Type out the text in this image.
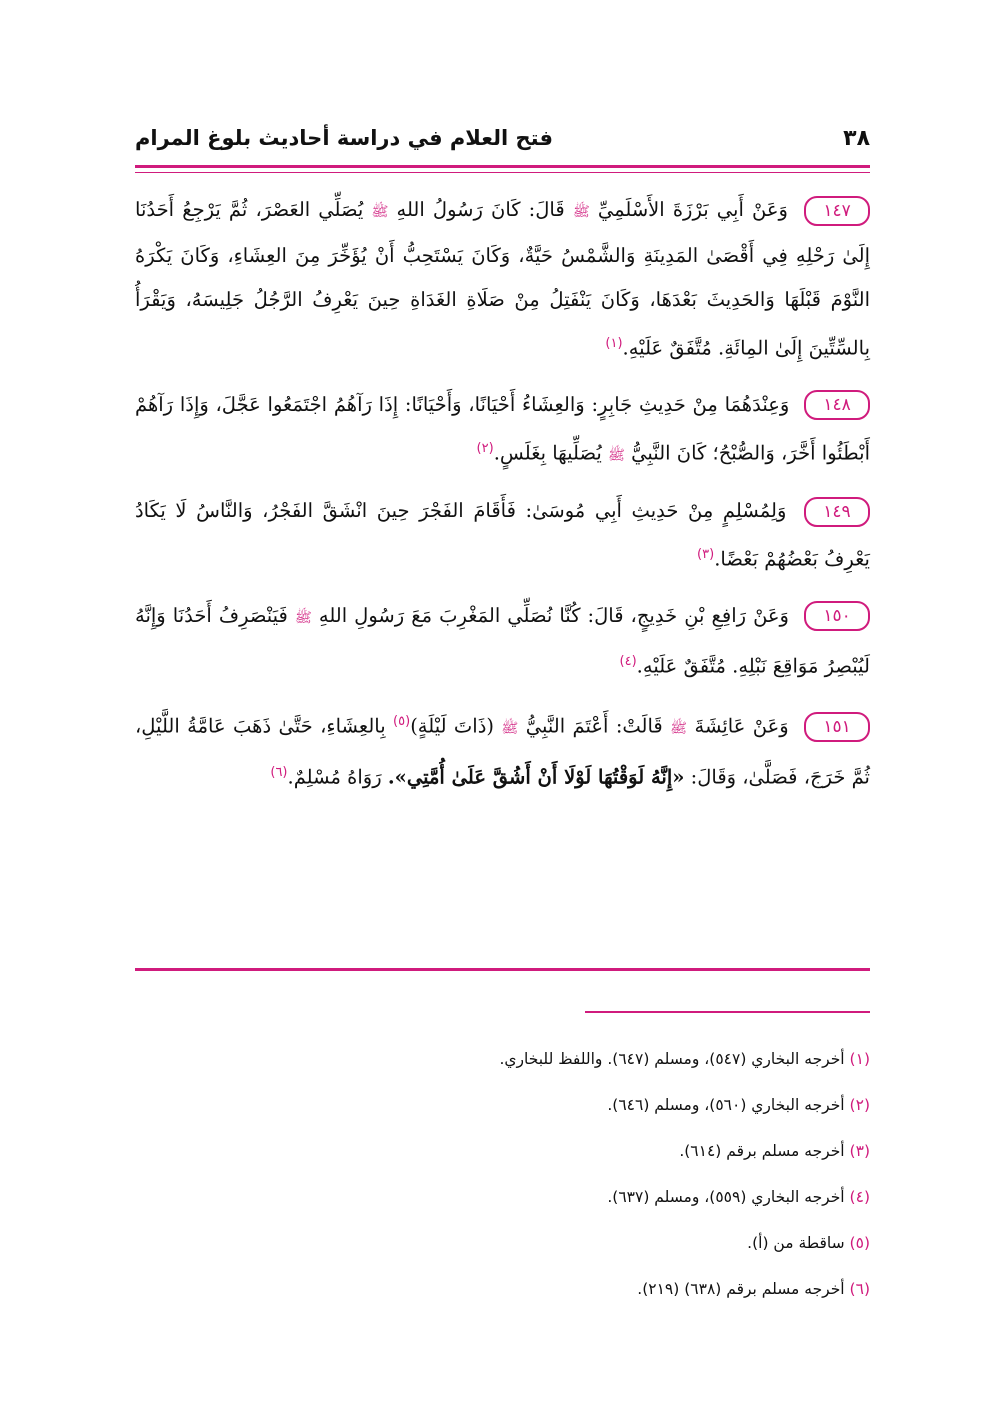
٣٨
فتح العلام في دراسة أحاديث بلوغ المرام

١٤٧ وَعَنْ أَبِي بَرْزَةَ الأَسْلَمِيِّ ﷺ قَالَ: كَانَ رَسُولُ اللهِ ﷺ يُصَلِّي العَصْرَ، ثُمَّ يَرْجِعُ أَحَدُنَا إِلَىٰ رَحْلِهِ فِي أَقْصَىٰ المَدِينَةِ وَالشَّمْسُ حَيَّةٌ، وَكَانَ يَسْتَحِبُّ أَنْ يُؤَخِّرَ مِنَ العِشَاءِ، وَكَانَ يَكْرَهُ النَّوْمَ قَبْلَهَا وَالحَدِيثَ بَعْدَهَا، وَكَانَ يَنْفَتِلُ مِنْ صَلَاةِ الغَدَاةِ حِينَ يَعْرِفُ الرَّجُلُ جَلِيسَهُ، وَيَقْرَأُ بِالسِّتِّينَ إِلَىٰ المِائَةِ. مُتَّفَقٌ عَلَيْهِ.$^{(١)}$

١٤٨ وَعِنْدَهُمَا مِنْ حَدِيثِ جَابِرٍ: وَالعِشَاءُ أَحْيَانًا، وَأَحْيَانًا: إِذَا رَآهُمُ اجْتَمَعُوا عَجَّلَ، وَإِذَا رَآهُمْ أَبْطَئُوا أَخَّرَ، وَالصُّبْحُ؛ كَانَ النَّبِيُّ ﷺ يُصَلِّيهَا بِغَلَسٍ.$^{(٢)}$

١٤٩ وَلِمُسْلِمٍ مِنْ حَدِيثِ أَبِي مُوسَىٰ: فَأَقَامَ الفَجْرَ حِينَ انْشَقَّ الفَجْرُ، وَالنَّاسُ لَا يَكَادُ يَعْرِفُ بَعْضُهُمْ بَعْضًا.$^{(٣)}$

١٥٠ وَعَنْ رَافِعِ بْنِ خَدِيجٍ، قَالَ: كُنَّا نُصَلِّي المَغْرِبَ مَعَ رَسُولِ اللهِ ﷺ فَيَنْصَرِفُ أَحَدُنَا وَإِنَّهُ لَيُبْصِرُ مَوَاقِعَ نَبْلِهِ. مُتَّفَقٌ عَلَيْهِ.$^{(٤)}$

١٥١ وَعَنْ عَائِشَةَ ﷺ قَالَتْ: أَعْتَمَ النَّبِيُّ ﷺ (ذَاتَ لَيْلَةٍ)$^{(٥)}$ بِالعِشَاءِ، حَتَّىٰ ذَهَبَ عَامَّةُ اللَّيْلِ، ثُمَّ خَرَجَ، فَصَلَّىٰ، وَقَالَ: «إِنَّهُ لَوَقْتُهَا لَوْلَا أَنْ أَشُقَّ عَلَىٰ أُمَّتِي». رَوَاهُ مُسْلِمٌ.$^{(٦)}$

(١) أخرجه البخاري (٥٤٧)، ومسلم (٦٤٧). واللفظ للبخاري.
(٢) أخرجه البخاري (٥٦٠)، ومسلم (٦٤٦).
(٣) أخرجه مسلم برقم (٦١٤).
(٤) أخرجه البخاري (٥٥٩)، ومسلم (٦٣٧).
(٥) ساقطة من (أ).
(٦) أخرجه مسلم برقم (٦٣٨) (٢١٩).
